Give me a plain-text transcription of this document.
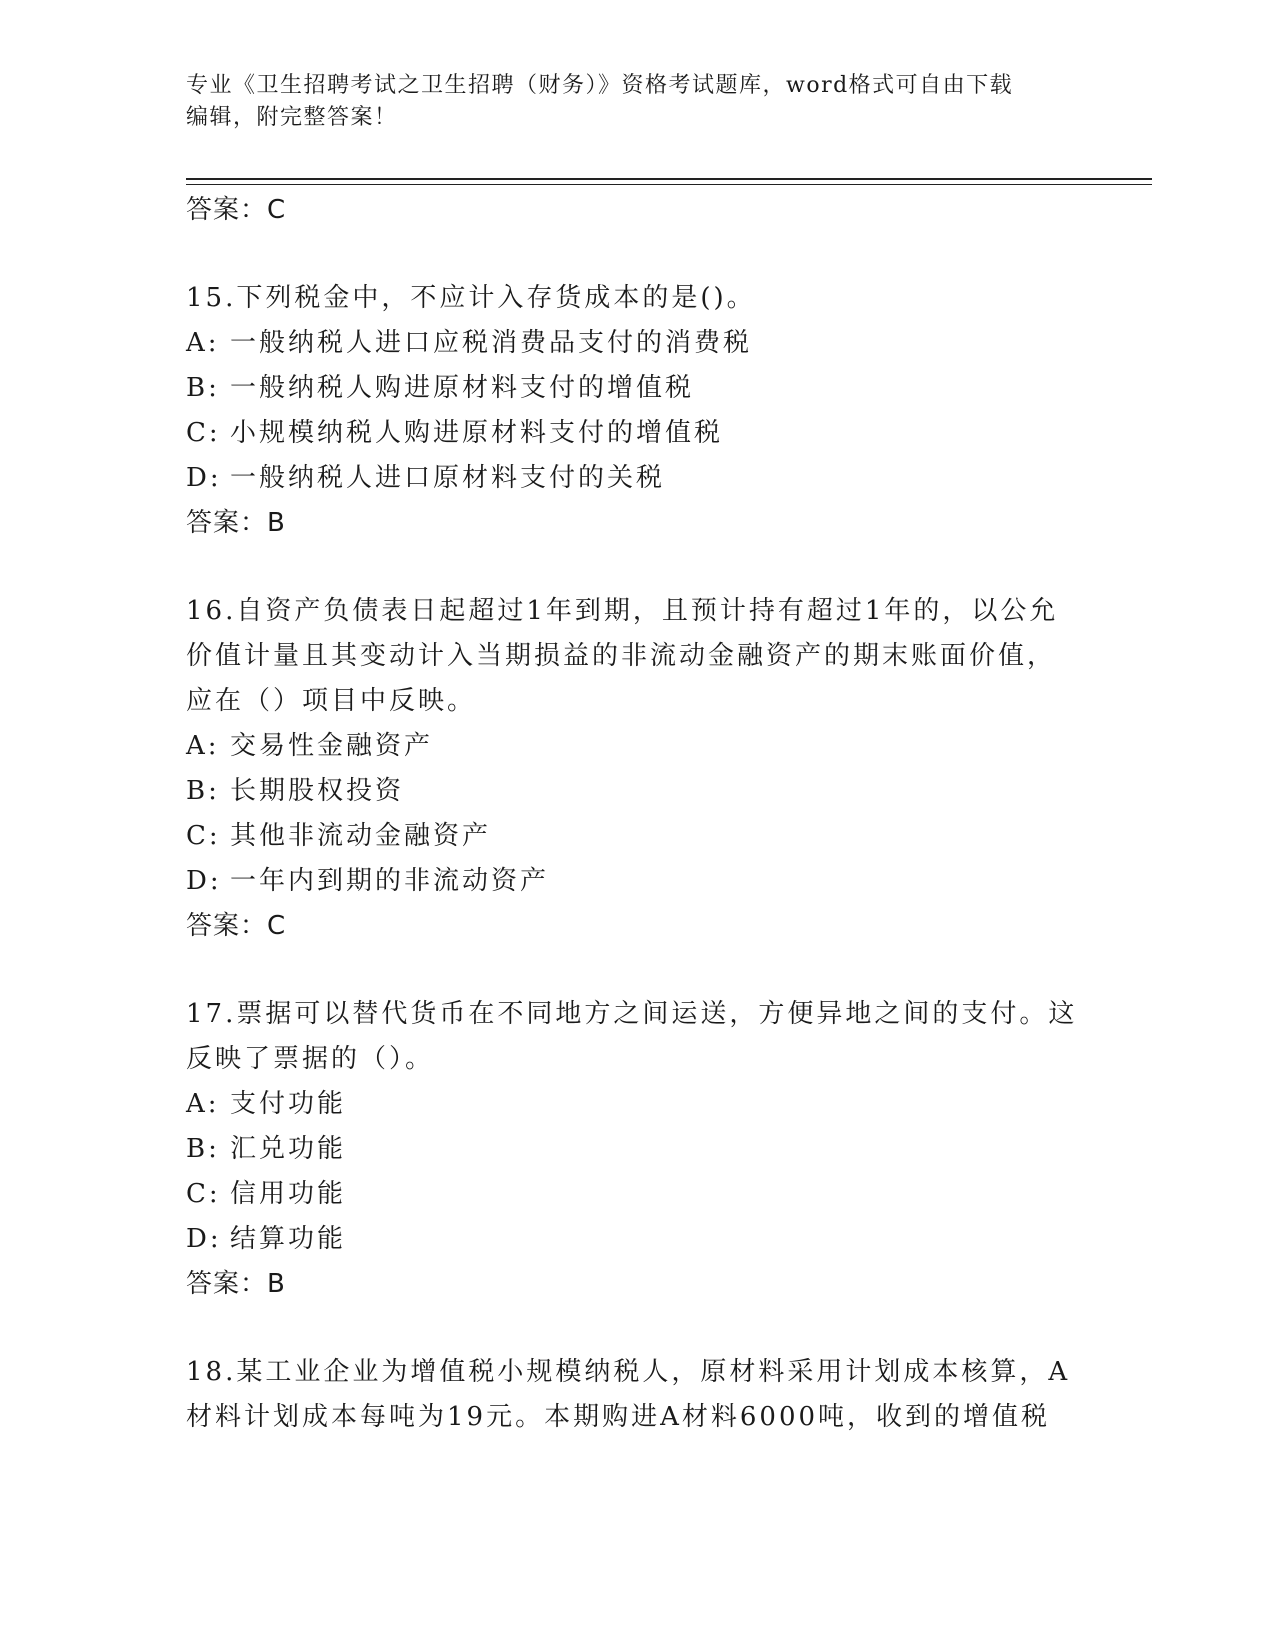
专业《卫生招聘考试之卫生招聘（财务）》资格考试题库，word格式可自由下载
编辑，附完整答案！
答案：C
15.下列税金中，不应计入存货成本的是()。
A: 一般纳税人进口应税消费品支付的消费税
B: 一般纳税人购进原材料支付的增值税
C: 小规模纳税人购进原材料支付的增值税
D: 一般纳税人进口原材料支付的关税
答案：B
16.自资产负债表日起超过1年到期，且预计持有超过1年的，以公允
价值计量且其变动计入当期损益的非流动金融资产的期末账面价值，
应在（）项目中反映。
A: 交易性金融资产
B: 长期股权投资
C: 其他非流动金融资产
D: 一年内到期的非流动资产
答案：C
17.票据可以替代货币在不同地方之间运送，方便异地之间的支付。这
反映了票据的（）。
A: 支付功能
B: 汇兑功能
C: 信用功能
D: 结算功能
答案：B
18.某工业企业为增值税小规模纳税人，原材料采用计划成本核算，A
材料计划成本每吨为19元。本期购进A材料6000吨，收到的增值税
